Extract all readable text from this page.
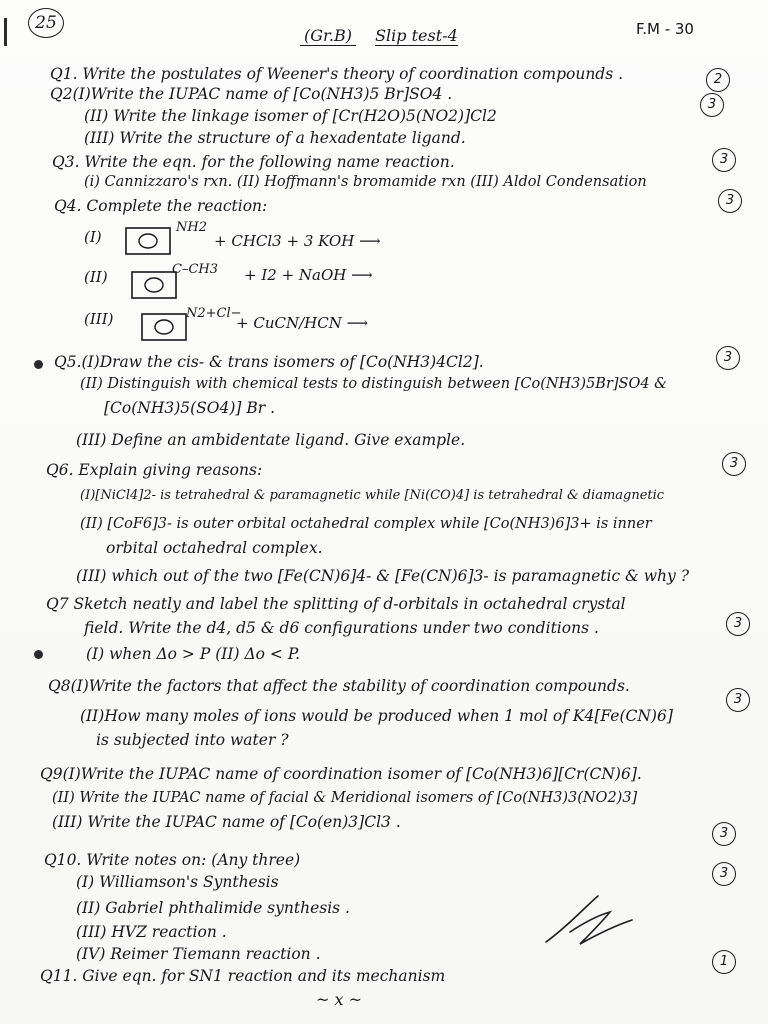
25
(Gr.B) Slip test-4	F.M - 30
Q1. Write the postulates of Weener's theory of coordination compounds .	2
Q2(I)Write the IUPAC name of [Co(NH3)5 Br]SO4 .
3
(II) Write the linkage isomer of [Cr(H2O)5(NO2)]Cl2
(III) Write the structure of a hexadentate ligand.
Q3. Write the eqn. for the following name reaction.	3
(i) Cannizzaro's rxn. (II) Hoffmann's bromamide rxn (III) Aldol Condensation
Q4. Complete the reaction:	3
(I)
NH2
+ CHCl3 + 3 KOH ⟶
(II)	C–CH3 + I2 + NaOH ⟶
(III)	N2+Cl−
+ CuCN/HCN ⟶
Q5.(I)Draw the cis- & trans isomers of [Co(NH3)4Cl2].	3
(II) Distinguish with chemical tests to distinguish between [Co(NH3)5Br]SO4 &
[Co(NH3)5(SO4)] Br .
(III) Define an ambidentate ligand. Give example.
Q6. Explain giving reasons:	3
(I)[NiCl4]2- is tetrahedral & paramagnetic while [Ni(CO)4] is tetrahedral & diamagnetic
(II) [CoF6]3- is outer orbital octahedral complex while [Co(NH3)6]3+ is inner
orbital octahedral complex.
(III) which out of the two [Fe(CN)6]4- & [Fe(CN)6]3- is paramagnetic & why ?
Q7 Sketch neatly and label the splitting of d-orbitals in octahedral crystal
field. Write the d4, d5 & d6 configurations under two conditions .	3
(I) when Δo > P (II) Δo < P.
Q8(I)Write the factors that affect the stability of coordination compounds.
3
(II)How many moles of ions would be produced when 1 mol of K4[Fe(CN)6]
is subjected into water ?
Q9(I)Write the IUPAC name of coordination isomer of [Co(NH3)6][Cr(CN)6].
(II) Write the IUPAC name of facial & Meridional isomers of [Co(NH3)3(NO2)3]
(III) Write the IUPAC name of [Co(en)3]Cl3 .
3
Q10. Write notes on: (Any three)
3
(I) Williamson's Synthesis
(II) Gabriel phthalimide synthesis .
(III) HVZ reaction .
(IV) Reimer Tiemann reaction .
Q11. Give eqn. for SN1 reaction and its mechanism
1
~ x ~
